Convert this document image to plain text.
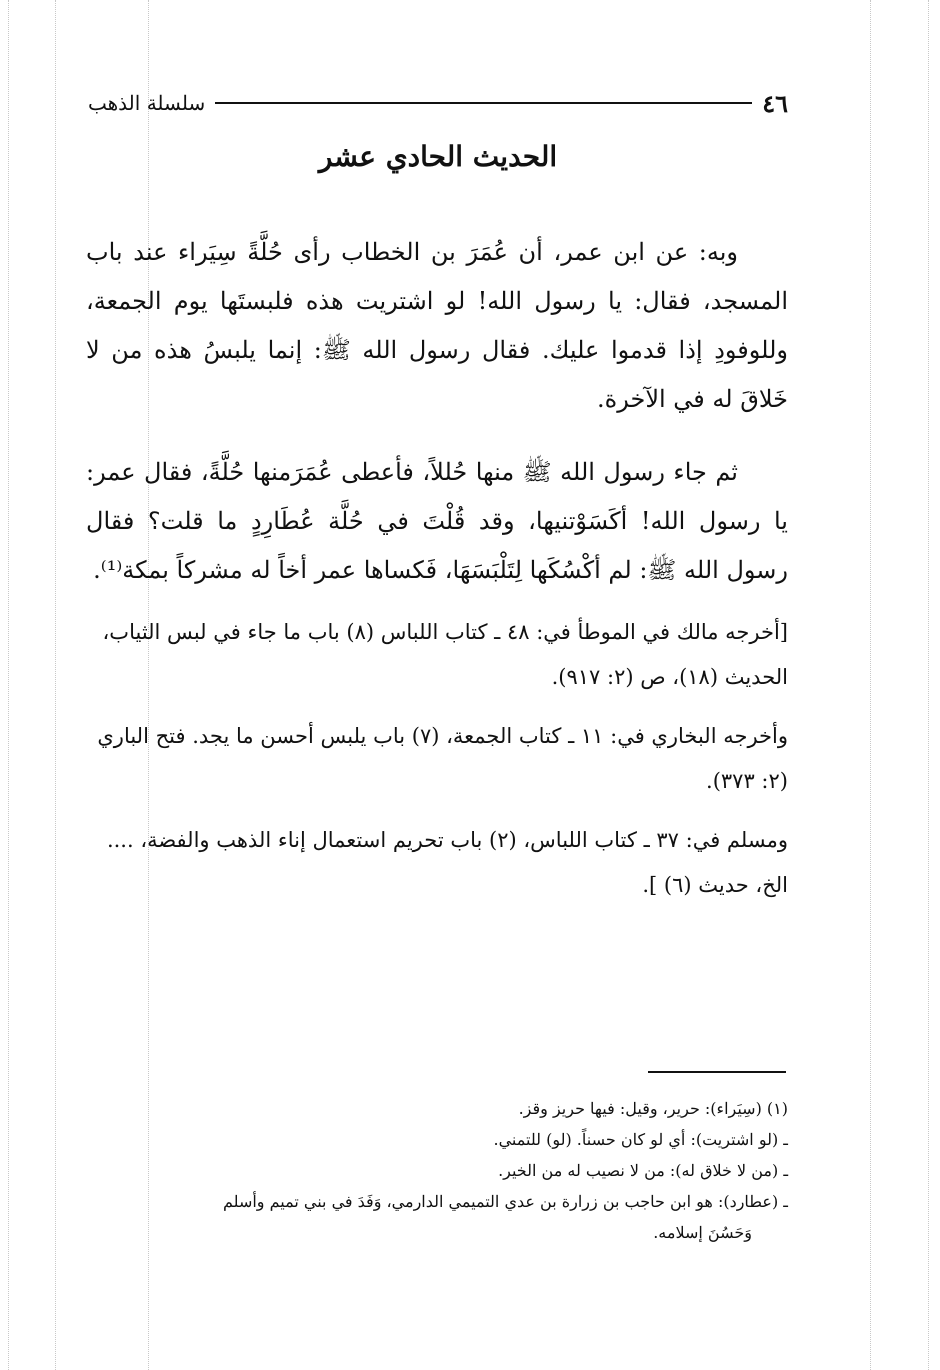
٤٦
سلسلة الذهب
الحديث الحادي عشر

وبه: عن ابن عمر، أن عُمَرَ بن الخطاب رأى حُلَّةً سِيَراء عند باب المسجد، فقال: يا رسول الله! لو اشتريت هذه فلبستَها يوم الجمعة، وللوفودِ إذا قدموا عليك. فقال رسول الله ﷺ: إنما يلبسُ هذه من لا خَلاقَ له في الآخرة.

ثم جاء رسول الله ﷺ منها حُللاً، فأعطى عُمَرَمنها حُلَّةً، فقال عمر: يا رسول الله! أكَسَوْتنيها، وقد قُلْتَ في حُلَّة عُطَارِدٍ ما قلت؟ فقال رسول الله ﷺ: لم أكْسُكَها لِتَلْبَسَهَا، فَكساها عمر أخاً له مشركاً بمكة⁽¹⁾.

[أخرجه مالك في الموطأ في: ٤٨ ـ كتاب اللباس (٨) باب ما جاء في لبس الثياب، الحديث (١٨)، ص (٢: ٩١٧).

وأخرجه البخاري في: ١١ ـ كتاب الجمعة، (٧) باب يلبس أحسن ما يجد. فتح الباري (٢: ٣٧٣).

ومسلم في: ٣٧ ـ كتاب اللباس، (٢) باب تحريم استعمال إناء الذهب والفضة، .... الخ، حديث (٦) ].

(١) (سِيَراء): حرير، وقيل: فيها حريز وقز.
ـ (لو اشتريت): أي لو كان حسناً. (لو) للتمني.
ـ (من لا خلاق له): من لا نصيب له من الخير.
ـ (عطارد): هو ابن حاجب بن زرارة بن عدي التميمي الدارمي، وَفَدَ في بني تميم وأسلم
وَحَسُنَ إسلامه.
